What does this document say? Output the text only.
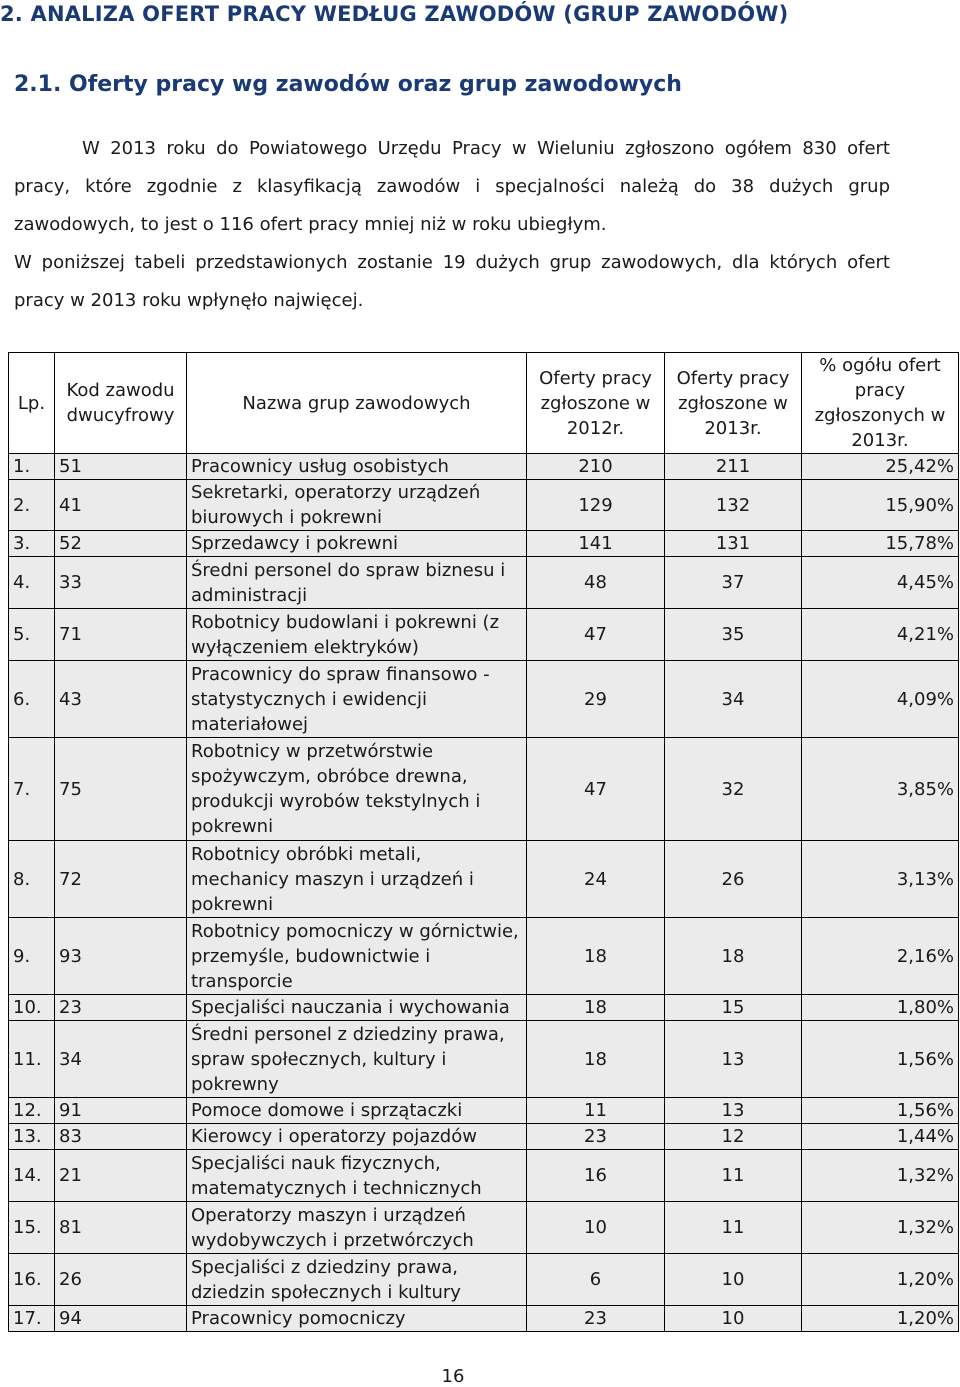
2. ANALIZA OFERT PRACY WEDŁUG ZAWODÓW (GRUP ZAWODÓW)
2.1. Oferty pracy wg zawodów oraz grup zawodowych
W 2013 roku do Powiatowego Urzędu Pracy w Wieluniu zgłoszono ogółem 830 ofert pracy, które zgodnie z klasyfikacją zawodów i specjalności należą do 38 dużych grup zawodowych, to jest o 116 ofert pracy mniej niż w roku ubiegłym.
W poniższej tabeli przedstawionych zostanie 19 dużych grup zawodowych, dla których ofert pracy w 2013 roku wpłynęło najwięcej.
Lp.	Kod zawodu dwucyfrowy	Nazwa grup zawodowych	Oferty pracy zgłoszone w 2012r.	Oferty pracy zgłoszone w 2013r.	% ogółu ofert pracy zgłoszonych w 2013r.
1.	51	Pracownicy usług osobistych	210	211	25,42%
2.	41	Sekretarki, operatorzy urządzeń biurowych i pokrewni	129	132	15,90%
3.	52	Sprzedawcy i pokrewni	141	131	15,78%
4.	33	Średni personel do spraw biznesu i administracji	48	37	4,45%
5.	71	Robotnicy budowlani i pokrewni (z wyłączeniem elektryków)	47	35	4,21%
6.	43	Pracownicy do spraw finansowo - statystycznych i ewidencji materiałowej	29	34	4,09%
7.	75	Robotnicy w przetwórstwie spożywczym, obróbce drewna, produkcji wyrobów tekstylnych i pokrewni	47	32	3,85%
8.	72	Robotnicy obróbki metali, mechanicy maszyn i urządzeń i pokrewni	24	26	3,13%
9.	93	Robotnicy pomocniczy w górnictwie, przemyśle, budownictwie i transporcie	18	18	2,16%
10.	23	Specjaliści nauczania i wychowania	18	15	1,80%
11.	34	Średni personel z dziedziny prawa, spraw społecznych, kultury i pokrewny	18	13	1,56%
12.	91	Pomoce domowe i sprzątaczki	11	13	1,56%
13.	83	Kierowcy i operatorzy pojazdów	23	12	1,44%
14.	21	Specjaliści nauk fizycznych, matematycznych i technicznych	16	11	1,32%
15.	81	Operatorzy maszyn i urządzeń wydobywczych i przetwórczych	10	11	1,32%
16.	26	Specjaliści z dziedziny prawa, dziedzin społecznych i kultury	6	10	1,20%
17.	94	Pracownicy pomocniczy	23	10	1,20%
16
